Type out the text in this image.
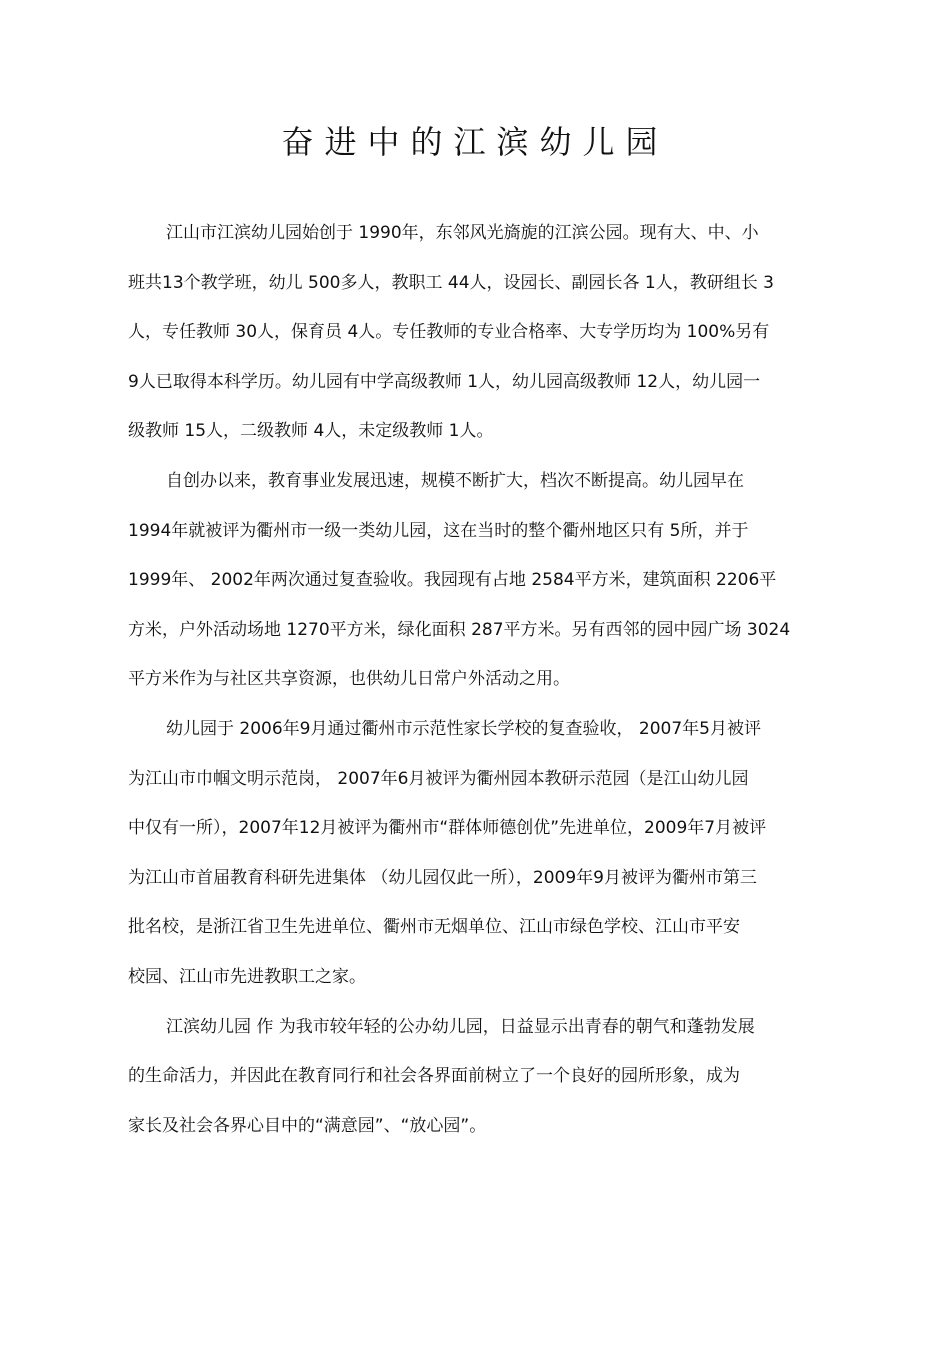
奋进中的江滨幼儿园
江山市江滨幼儿园始创于 1990年，东邻风光旖旎的江滨公园。现有大、中、小
班共13个教学班，幼儿 500多人，教职工 44人，设园长、副园长各 1人，教研组长 3
人，专任教师 30人，保育员 4人。专任教师的专业合格率、大专学历均为 100%另有
9人已取得本科学历。幼儿园有中学高级教师 1人，幼儿园高级教师 12人，幼儿园一
级教师 15人，二级教师 4人，未定级教师 1人。
自创办以来，教育事业发展迅速，规模不断扩大，档次不断提高。幼儿园早在
1994年就被评为衢州市一级一类幼儿园，这在当时的整个衢州地区只有 5所，并于
1999年、 2002年两次通过复查验收。我园现有占地 2584平方米，建筑面积 2206平
方米，户外活动场地 1270平方米，绿化面积 287平方米。另有西邻的园中园广场 3024
平方米作为与社区共享资源，也供幼儿日常户外活动之用。
幼儿园于 2006年9月通过衢州市示范性家长学校的复查验收， 2007年5月被评
为江山市巾帼文明示范岗， 2007年6月被评为衢州园本教研示范园（是江山幼儿园
中仅有一所），2007年12月被评为衢州市“群体师德创优”先进单位，2009年7月被评
为江山市首届教育科研先进集体 （幼儿园仅此一所），2009年9月被评为衢州市第三
批名校，是浙江省卫生先进单位、衢州市无烟单位、江山市绿色学校、江山市平安
校园、江山市先进教职工之家。
江滨幼儿园 作 为我市较年轻的公办幼儿园，日益显示出青春的朝气和蓬勃发展
的生命活力，并因此在教育同行和社会各界面前树立了一个良好的园所形象，成为
家长及社会各界心目中的“满意园”、“放心园”。
